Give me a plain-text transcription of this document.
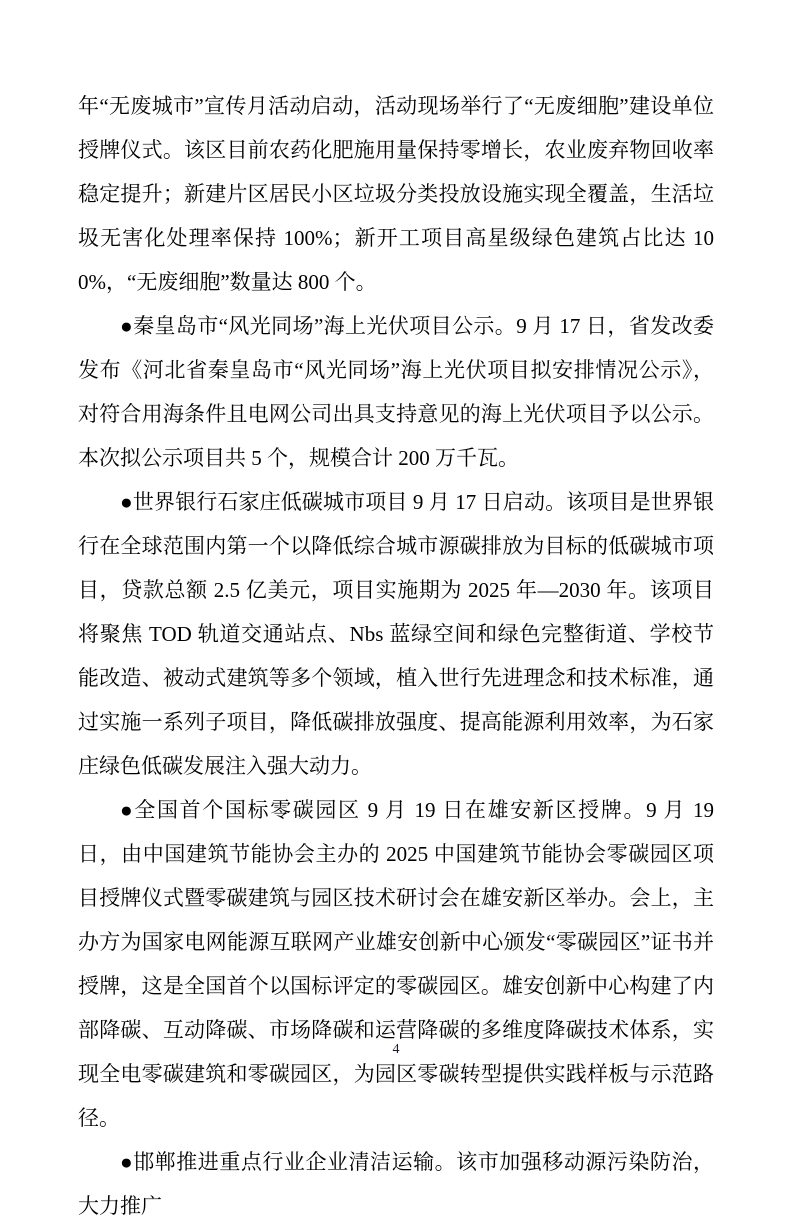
年“无废城市”宣传月活动启动，活动现场举行了“无废细胞”建设单位授牌仪式。该区目前农药化肥施用量保持零增长，农业废弃物回收率稳定提升；新建片区居民小区垃圾分类投放设施实现全覆盖，生活垃圾无害化处理率保持 100%；新开工项目高星级绿色建筑占比达 100%，“无废细胞”数量达 800 个。

●秦皇岛市“风光同场”海上光伏项目公示。9 月 17 日，省发改委发布《河北省秦皇岛市“风光同场”海上光伏项目拟安排情况公示》，对符合用海条件且电网公司出具支持意见的海上光伏项目予以公示。本次拟公示项目共 5 个，规模合计 200 万千瓦。

●世界银行石家庄低碳城市项目 9 月 17 日启动。该项目是世界银行在全球范围内第一个以降低综合城市源碳排放为目标的低碳城市项目，贷款总额 2.5 亿美元，项目实施期为 2025 年—2030 年。该项目将聚焦 TOD 轨道交通站点、Nbs 蓝绿空间和绿色完整街道、学校节能改造、被动式建筑等多个领域，植入世行先进理念和技术标准，通过实施一系列子项目，降低碳排放强度、提高能源利用效率，为石家庄绿色低碳发展注入强大动力。

●全国首个国标零碳园区 9 月 19 日在雄安新区授牌。9 月 19 日，由中国建筑节能协会主办的 2025 中国建筑节能协会零碳园区项目授牌仪式暨零碳建筑与园区技术研讨会在雄安新区举办。会上，主办方为国家电网能源互联网产业雄安创新中心颁发“零碳园区”证书并授牌，这是全国首个以国标评定的零碳园区。雄安创新中心构建了内部降碳、互动降碳、市场降碳和运营降碳的多维度降碳技术体系，实现全电零碳建筑和零碳园区，为园区零碳转型提供实践样板与示范路径。

●邯郸推进重点行业企业清洁运输。该市加强移动源污染防治，大力推广

4
